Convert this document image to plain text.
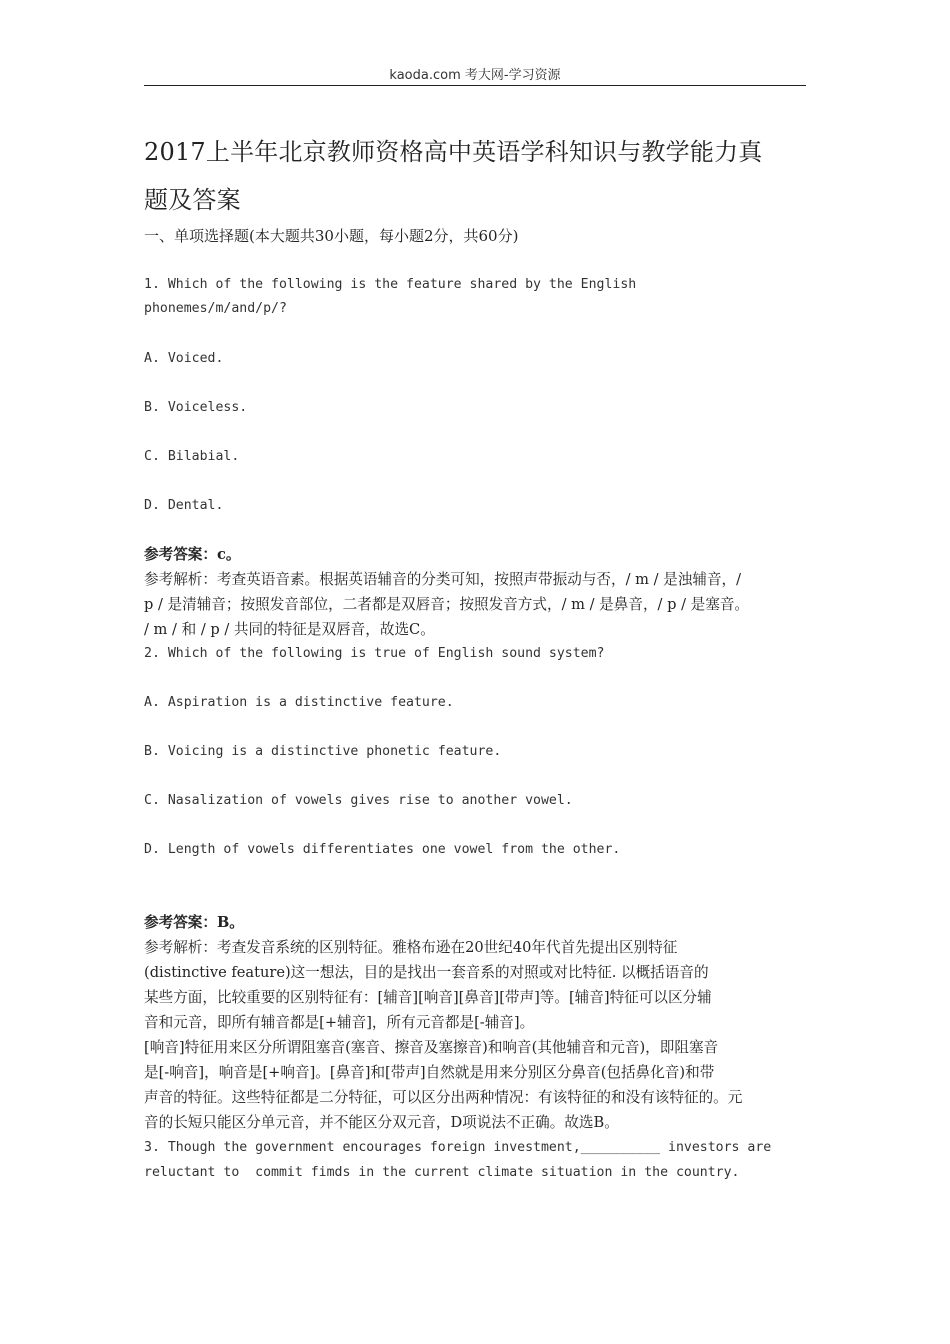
kaoda.com 考大网-学习资源
2017上半年北京教师资格高中英语学科知识与教学能力真
题及答案
一、单项选择题(本大题共30小题，每小题2分，共60分)
1. Which of the following is the feature shared by the English
phonemes/m/and/p/?
A. Voiced.
B. Voiceless.
C. Bilabial.
D. Dental.
参考答案：c。
参考解析：考查英语音素。根据英语辅音的分类可知，按照声带振动与否，/ m / 是浊辅音，/
p / 是清辅音；按照发音部位，二者都是双唇音；按照发音方式，/ m / 是鼻音，/ p / 是塞音。
/ m / 和 / p / 共同的特征是双唇音，故选C。
2. Which of the following is true of English sound system?
A. Aspiration is a distinctive feature.
B. Voicing is a distinctive phonetic feature.
C. Nasalization of vowels gives rise to another vowel.
D. Length of vowels differentiates one vowel from the other.
参考答案：B。
参考解析：考查发音系统的区别特征。雅格布逊在20世纪40年代首先提出区别特征
(distinctive feature)这一想法，目的是找出一套音系的对照或对比特征. 以概括语音的
某些方面，比较重要的区别特征有：[辅音][响音][鼻音][带声]等。[辅音]特征可以区分辅
音和元音，即所有辅音都是[+辅音]，所有元音都是[-辅音]。
[响音]特征用来区分所谓阻塞音(塞音、擦音及塞擦音)和响音(其他辅音和元音)，即阻塞音
是[-响音]，响音是[+响音]。[鼻音]和[带声]自然就是用来分别区分鼻音(包括鼻化音)和带
声音的特征。这些特征都是二分特征，可以区分出两种情况：有该特征的和没有该特征的。元
音的长短只能区分单元音，并不能区分双元音，D项说法不正确。故选B。
3. Though the government encourages foreign investment,__________ investors are
reluctant to  commit fimds in the current climate situation in the country.
